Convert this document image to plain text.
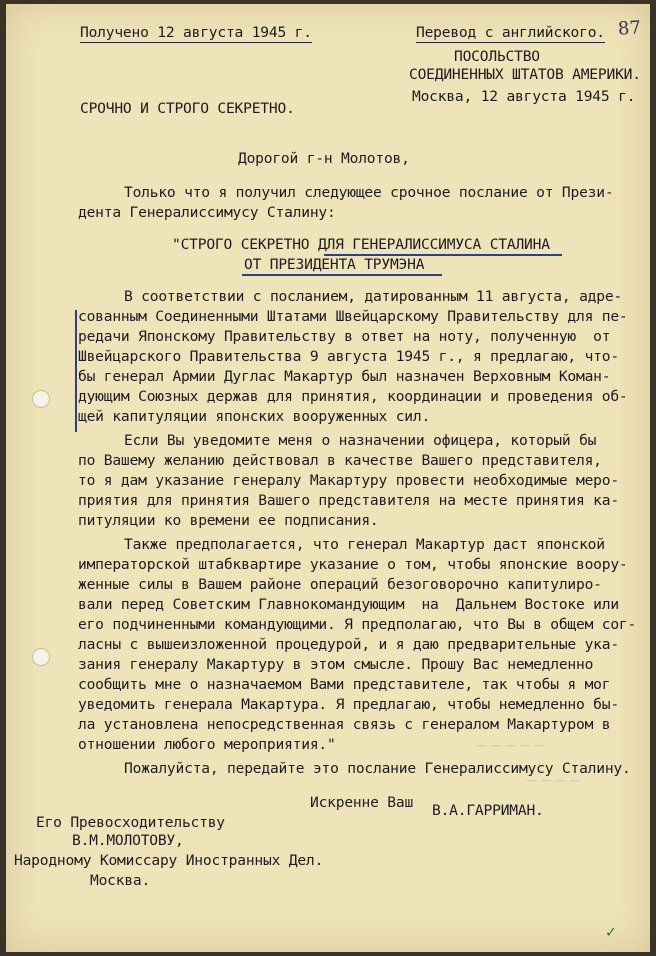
87
— — — — —
— — — —
Получено 12 августа 1945 г.	Перевод с английского.
ПОСОЛЬСТВО
СОЕДИНЕННЫХ ШТАТОВ АМЕРИКИ.
Москва, 12 августа 1945 г.
СРОЧНО И СТРОГО СЕКРЕТНО.
Дорогой г-н Молотов,
Только что я получил следующее срочное послание от Прези-
дента Генералиссимусу Сталину:
"СТРОГО СЕКРЕТНО ДЛЯ ГЕНЕРАЛИССИМУСА СТАЛИНА
ОТ ПРЕЗИДЕНТА ТРУМЭНА
В соответствии с посланием, датированным 11 августа, адре-
сованным Соединенными Штатами Швейцарскому Правительству для пе-
редачи Японскому Правительству в ответ на ноту, полученную  от
Швейцарского Правительства 9 августа 1945 г., я предлагаю, что-
бы генерал Армии Дуглас Макартур был назначен Верховным Коман-
дующим Союзных держав для принятия, координации и проведения об-
щей капитуляции японских вооруженных сил.
Если Вы уведомите меня о назначении офицера, который бы
по Вашему желанию действовал в качестве Вашего представителя,
то я дам указание генералу Макартуру провести необходимые меро-
приятия для принятия Вашего представителя на месте принятия ка-
питуляции ко времени ее подписания.
Также предполагается, что генерал Макартур даст японской
императорской штабквартире указание о том, чтобы японские воору-
женные силы в Вашем районе операций безоговорочно капитулиро-
вали перед Советским Главнокомандующим  на  Дальнем Востоке или
его подчиненными командующими. Я предполагаю, что Вы в общем сог-
ласны с вышеизложенной процедурой, и я даю предварительные ука-
зания генералу Макартуру в этом смысле. Прошу Вас немедленно
сообщить мне о назначаемом Вами представителе, так чтобы я мог
уведомить генерала Макартура. Я предлагаю, чтобы немедленно бы-
ла установлена непосредственная связь с генералом Макартуром в
отношении любого мероприятия."
Пожалуйста, передайте это послание Генералиссимусу Сталину.
Искренне Ваш В.А.ГАРРИМАН.
Его Превосходительству
В.М.МОЛОТОВУ,
Народному Комиссару Иностранных Дел.
Москва.
✓
